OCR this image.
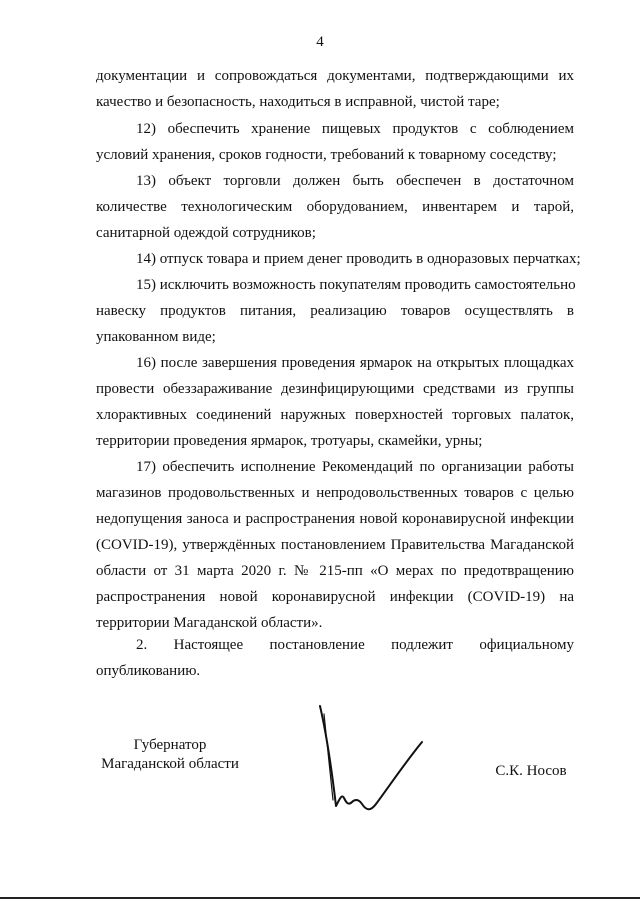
4
документации и сопровождаться документами, подтверждающими их
качество и безопасность, находиться в исправной, чистой таре;
12) обеспечить хранение пищевых продуктов с соблюдением
условий хранения, сроков годности, требований к товарному соседству;
13) объект торговли должен быть обеспечен в достаточном
количестве технологическим оборудованием, инвентарем и тарой,
санитарной одеждой сотрудников;
14) отпуск товара и прием денег проводить в одноразовых перчатках;
15) исключить возможность покупателям проводить самостоятельно
навеску продуктов питания, реализацию товаров осуществлять в
упакованном виде;
16) после завершения проведения ярмарок на открытых площадках
провести обеззараживание дезинфицирующими средствами из группы
хлорактивных соединений наружных поверхностей торговых палаток,
территории проведения ярмарок, тротуары, скамейки, урны;
17) обеспечить исполнение Рекомендаций по организации работы
магазинов продовольственных и непродовольственных товаров с целью
недопущения заноса и распространения новой коронавирусной инфекции
(COVID-19), утверждённых постановлением Правительства Магаданской
области от 31 марта 2020 г. № 215-пп «О мерах по предотвращению
распространения новой коронавирусной инфекции (COVID-19) на
территории Магаданской области».
2. Настоящее постановление подлежит официальному
опубликованию.
Губернатор
Магаданской области	С.К. Носов
